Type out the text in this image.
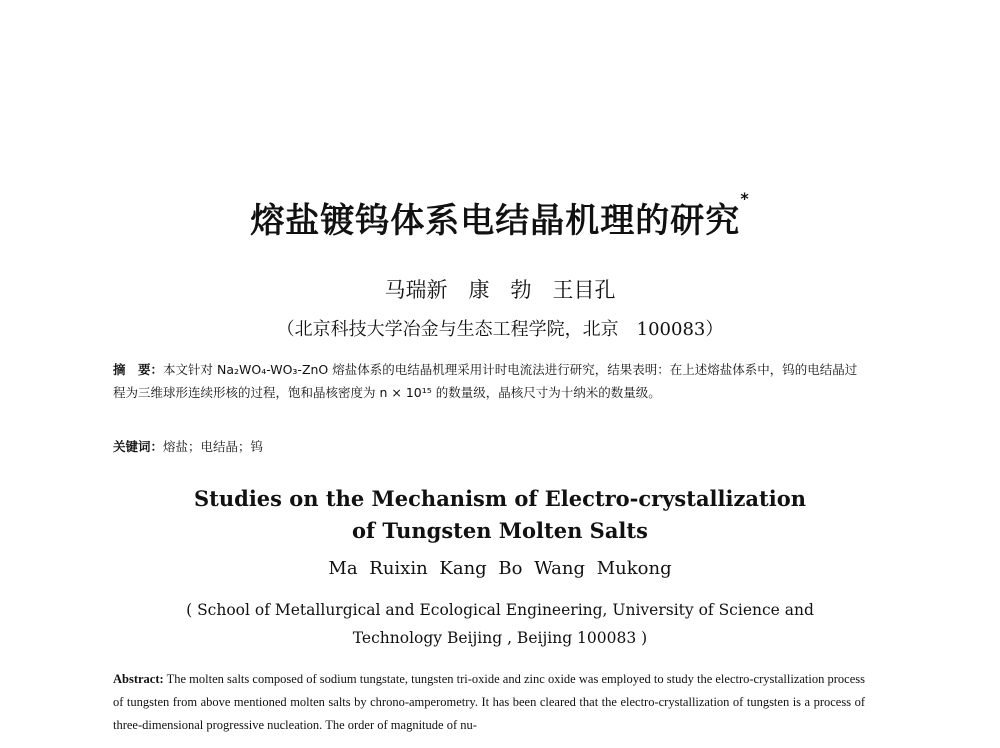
熔盐镀钨体系电结晶机理的研究*
马瑞新　康　勃　王目孔
（北京科技大学冶金与生态工程学院，北京　100083）
摘　要：本文针对 Na₂WO₄-WO₃-ZnO 熔盐体系的电结晶机理采用计时电流法进行研究，结果表明：在上述熔盐体系中，钨的电结晶过程为三维球形连续形核的过程，饱和晶核密度为 n × 10¹⁵ 的数量级，晶核尺寸为十纳米的数量级。
关键词：熔盐；电结晶；钨
Studies on the Mechanism of Electro-crystallization
of Tungsten Molten Salts
Ma Ruixin Kang Bo Wang Mukong
( School of Metallurgical and Ecological Engineering, University of Science and
Technology Beijing , Beijing 100083 )
Abstract: The molten salts composed of sodium tungstate, tungsten tri-oxide and zinc oxide was employed to study the electro-crystallization process of tungsten from above mentioned molten salts by chrono-amperometry. It has been cleared that the electro-crystallization of tungsten is a process of three-dimensional progressive nucleation. The order of magnitude of nu-
